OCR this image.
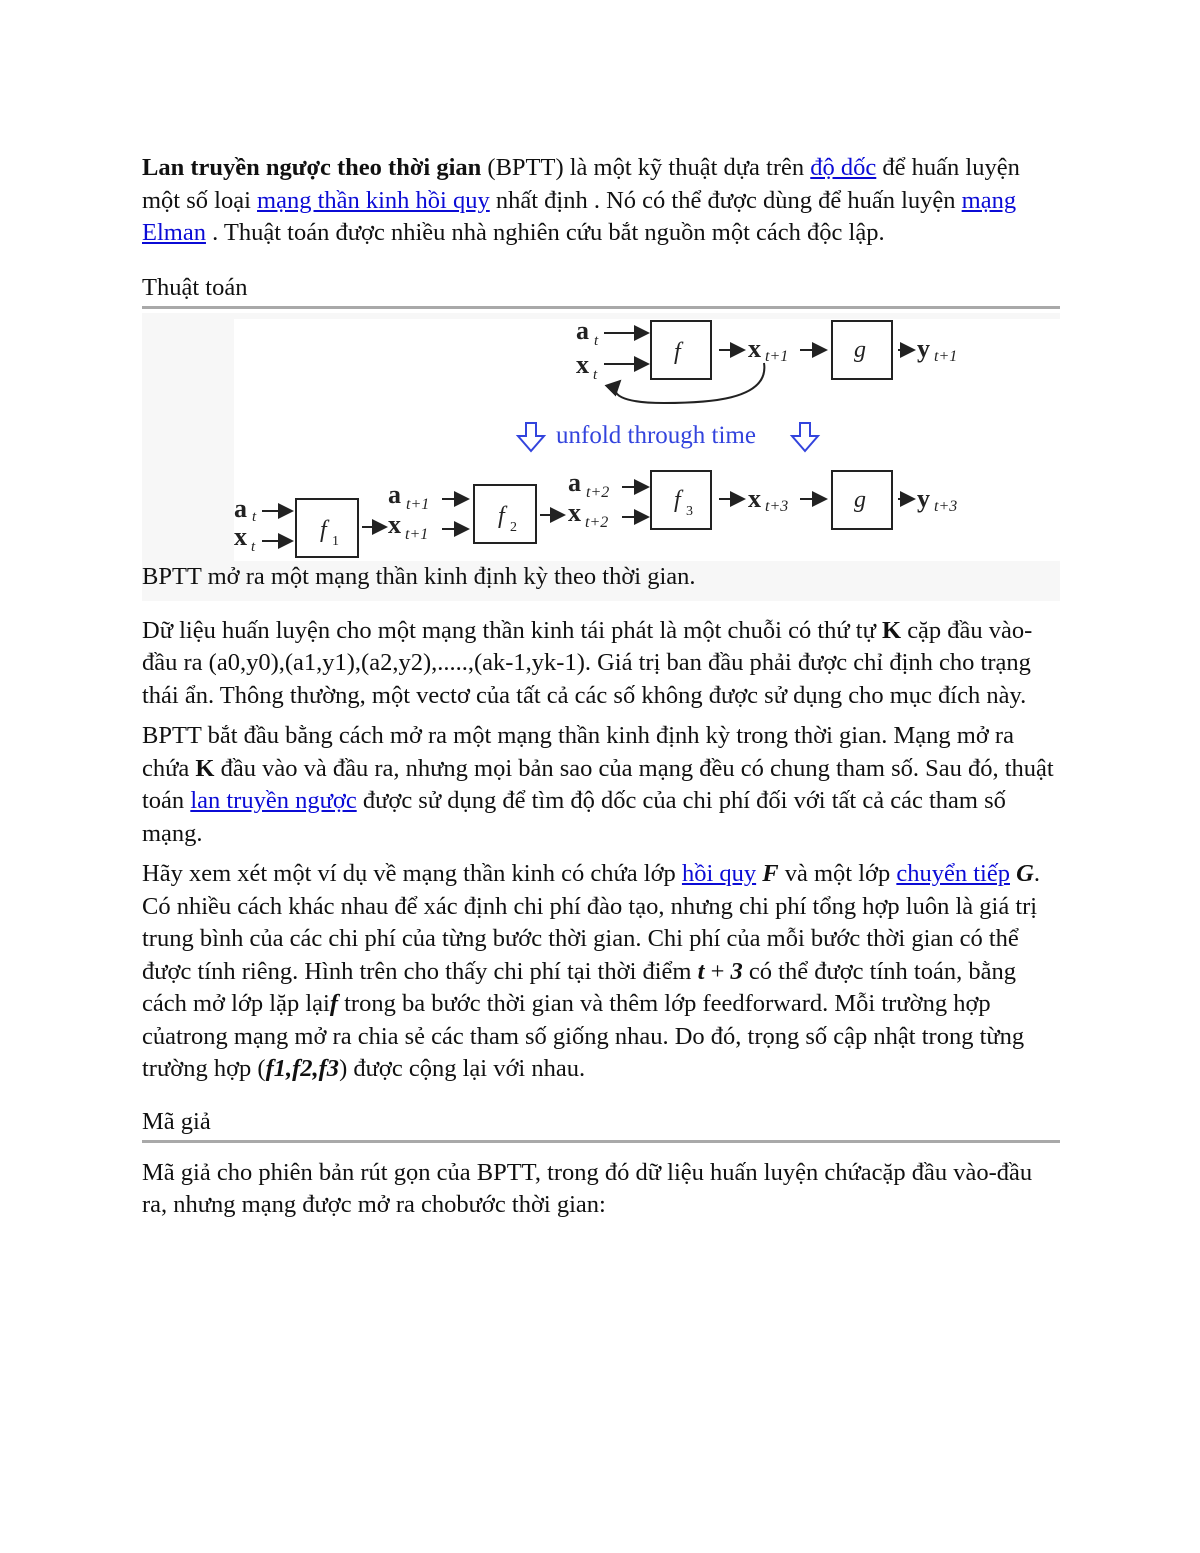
Lan truyền ngược theo thời gian (BPTT) là một kỹ thuật dựa trên độ dốc để huấn luyện một số loại mạng thần kinh hồi quy nhất định . Nó có thể được dùng để huấn luyện mạng Elman . Thuật toán được nhiều nhà nghiên cứu bắt nguồn một cách độc lập.

Thuật toán

a t
x t
f	x t+1	g y t+1
unfold through time
a t
x t
f 1
a t+1
x t+1
f 2
a t+2
x t+2
f 3 x t+3	g y t+3

BPTT mở ra một mạng thần kinh định kỳ theo thời gian.

Dữ liệu huấn luyện cho một mạng thần kinh tái phát là một chuỗi có thứ tự K cặp đầu vào-đầu ra (a0,y0),(a1,y1),(a2,y2),.....,(ak-1,yk-1). Giá trị ban đầu phải được chỉ định cho trạng thái ẩn. Thông thường, một vectơ của tất cả các số không được sử dụng cho mục đích này.

BPTT bắt đầu bằng cách mở ra một mạng thần kinh định kỳ trong thời gian. Mạng mở ra chứa K đầu vào và đầu ra, nhưng mọi bản sao của mạng đều có chung tham số. Sau đó, thuật toán lan truyền ngược được sử dụng để tìm độ dốc của chi phí đối với tất cả các tham số mạng.

Hãy xem xét một ví dụ về mạng thần kinh có chứa lớp hồi quy F và một lớp chuyển tiếp G. Có nhiều cách khác nhau để xác định chi phí đào tạo, nhưng chi phí tổng hợp luôn là giá trị trung bình của các chi phí của từng bước thời gian. Chi phí của mỗi bước thời gian có thể được tính riêng. Hình trên cho thấy chi phí tại thời điểm t + 3 có thể được tính toán, bằng cách mở lớp lặp lạif trong ba bước thời gian và thêm lớp feedforward. Mỗi trường hợp củatrong mạng mở ra chia sẻ các tham số giống nhau. Do đó, trọng số cập nhật trong từng trường hợp (f1,f2,f3) được cộng lại với nhau.

Mã giả

Mã giả cho phiên bản rút gọn của BPTT, trong đó dữ liệu huấn luyện chứacặp đầu vào-đầu ra, nhưng mạng được mở ra chobước thời gian:
